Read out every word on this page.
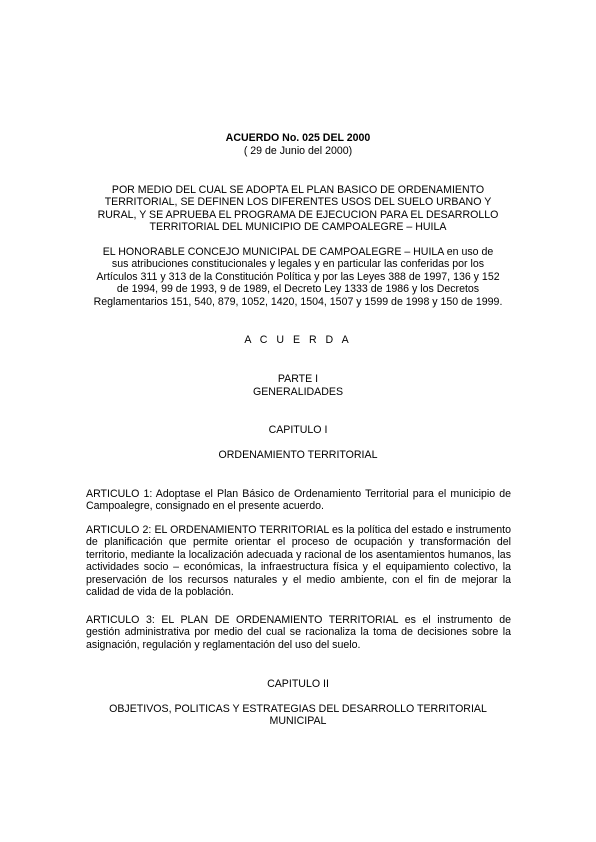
ACUERDO No. 025 DEL 2000
( 29 de Junio del 2000)
POR MEDIO DEL CUAL SE ADOPTA EL PLAN BASICO DE ORDENAMIENTO
TERRITORIAL, SE DEFINEN LOS DIFERENTES USOS DEL SUELO URBANO Y
RURAL, Y SE APRUEBA EL PROGRAMA DE EJECUCION PARA EL DESARROLLO
TERRITORIAL DEL MUNICIPIO DE CAMPOALEGRE – HUILA
EL HONORABLE CONCEJO MUNICIPAL DE CAMPOALEGRE – HUILA en uso de
sus atribuciones constitucionales y legales y en particular las conferidas por los
Artículos 311 y 313 de la Constitución Política y por las Leyes 388 de 1997, 136 y 152
de 1994, 99 de 1993, 9 de 1989, el Decreto Ley 1333 de 1986 y los Decretos
Reglamentarios 151, 540, 879, 1052, 1420, 1504, 1507 y 1599 de 1998 y 150 de 1999.
A C U E R D A
PARTE I
GENERALIDADES
CAPITULO I
ORDENAMIENTO TERRITORIAL

ARTICULO 1: Adoptase el Plan Básico de Ordenamiento Territorial para el municipio de Campoalegre, consignado en el presente acuerdo.

ARTICULO 2: EL ORDENAMIENTO TERRITORIAL es la política del estado e instrumento de planificación que permite orientar el proceso de ocupación y transformación del territorio, mediante la localización adecuada y racional de los asentamientos humanos, las actividades socio – económicas, la infraestructura física y el equipamiento colectivo, la preservación de los recursos naturales y el medio ambiente, con el fin de mejorar la calidad de vida de la población.

ARTICULO 3: EL PLAN DE ORDENAMIENTO TERRITORIAL es el instrumento de gestión administrativa por medio del cual se racionaliza la toma de decisiones sobre la asignación, regulación y reglamentación del uso del suelo.

CAPITULO II
OBJETIVOS, POLITICAS Y ESTRATEGIAS DEL DESARROLLO TERRITORIAL
MUNICIPAL
